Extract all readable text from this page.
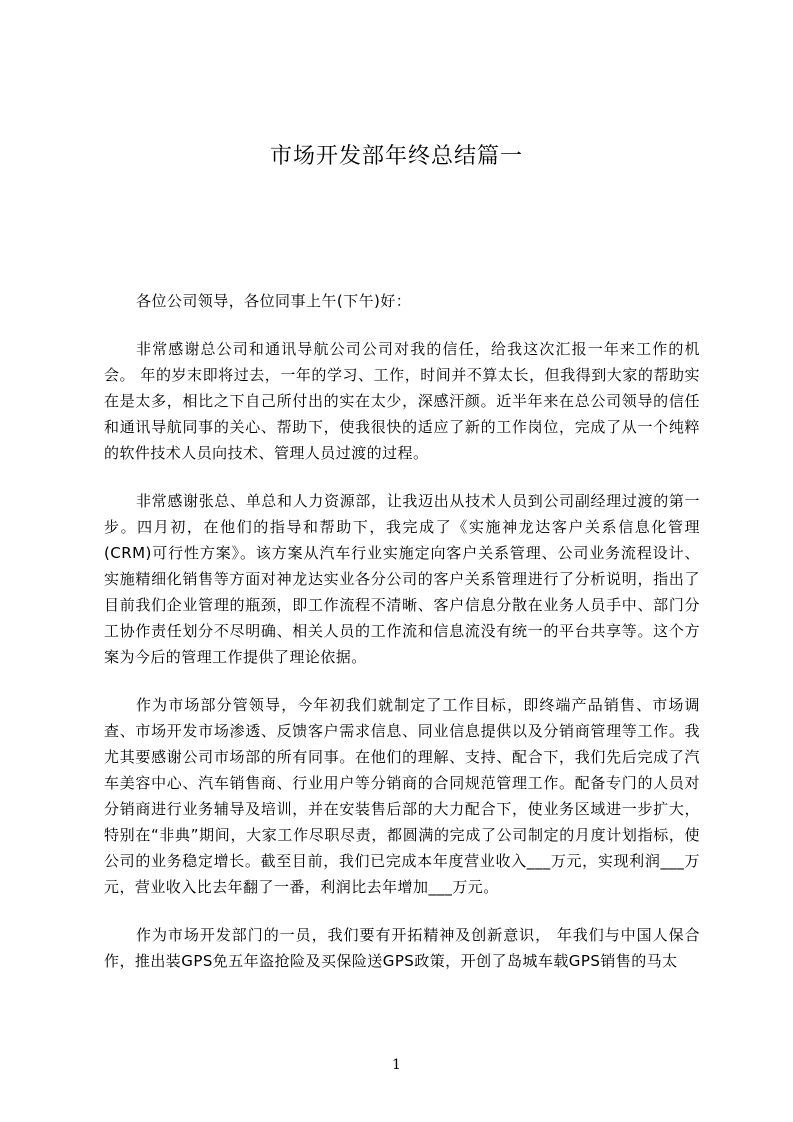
市场开发部年终总结篇一

各位公司领导，各位同事上午(下午)好：

非常感谢总公司和通讯导航公司公司对我的信任，给我这次汇报一年来工作的机会。 年的岁末即将过去，一年的学习、工作，时间并不算太长，但我得到大家的帮助实在是太多，相比之下自己所付出的实在太少，深感汗颜。近半年来在总公司领导的信任和通讯导航同事的关心、帮助下，使我很快的适应了新的工作岗位，完成了从一个纯粹的软件技术人员向技术、管理人员过渡的过程。

非常感谢张总、单总和人力资源部，让我迈出从技术人员到公司副经理过渡的第一步。四月初，在他们的指导和帮助下，我完成了《实施神龙达客户关系信息化管理(CRM)可行性方案》。该方案从汽车行业实施定向客户关系管理、公司业务流程设计、实施精细化销售等方面对神龙达实业各分公司的客户关系管理进行了分析说明，指出了目前我们企业管理的瓶颈，即工作流程不清晰、客户信息分散在业务人员手中、部门分工协作责任划分不尽明确、相关人员的工作流和信息流没有统一的平台共享等。这个方案为今后的管理工作提供了理论依据。

作为市场部分管领导，今年初我们就制定了工作目标，即终端产品销售、市场调查、市场开发市场渗透、反馈客户需求信息、同业信息提供以及分销商管理等工作。我尤其要感谢公司市场部的所有同事。在他们的理解、支持、配合下，我们先后完成了汽车美容中心、汽车销售商、行业用户等分销商的合同规范管理工作。配备专门的人员对分销商进行业务辅导及培训，并在安装售后部的大力配合下，使业务区域进一步扩大，特别在“非典”期间，大家工作尽职尽责，都圆满的完成了公司制定的月度计划指标，使公司的业务稳定增长。截至目前，我们已完成本年度营业收入___万元，实现利润___万元，营业收入比去年翻了一番，利润比去年增加___万元。

作为市场开发部门的一员，我们要有开拓精神及创新意识， 年我们与中国人保合作，推出装GPS免五年盗抢险及买保险送GPS政策，开创了岛城车载GPS销售的马太

1
